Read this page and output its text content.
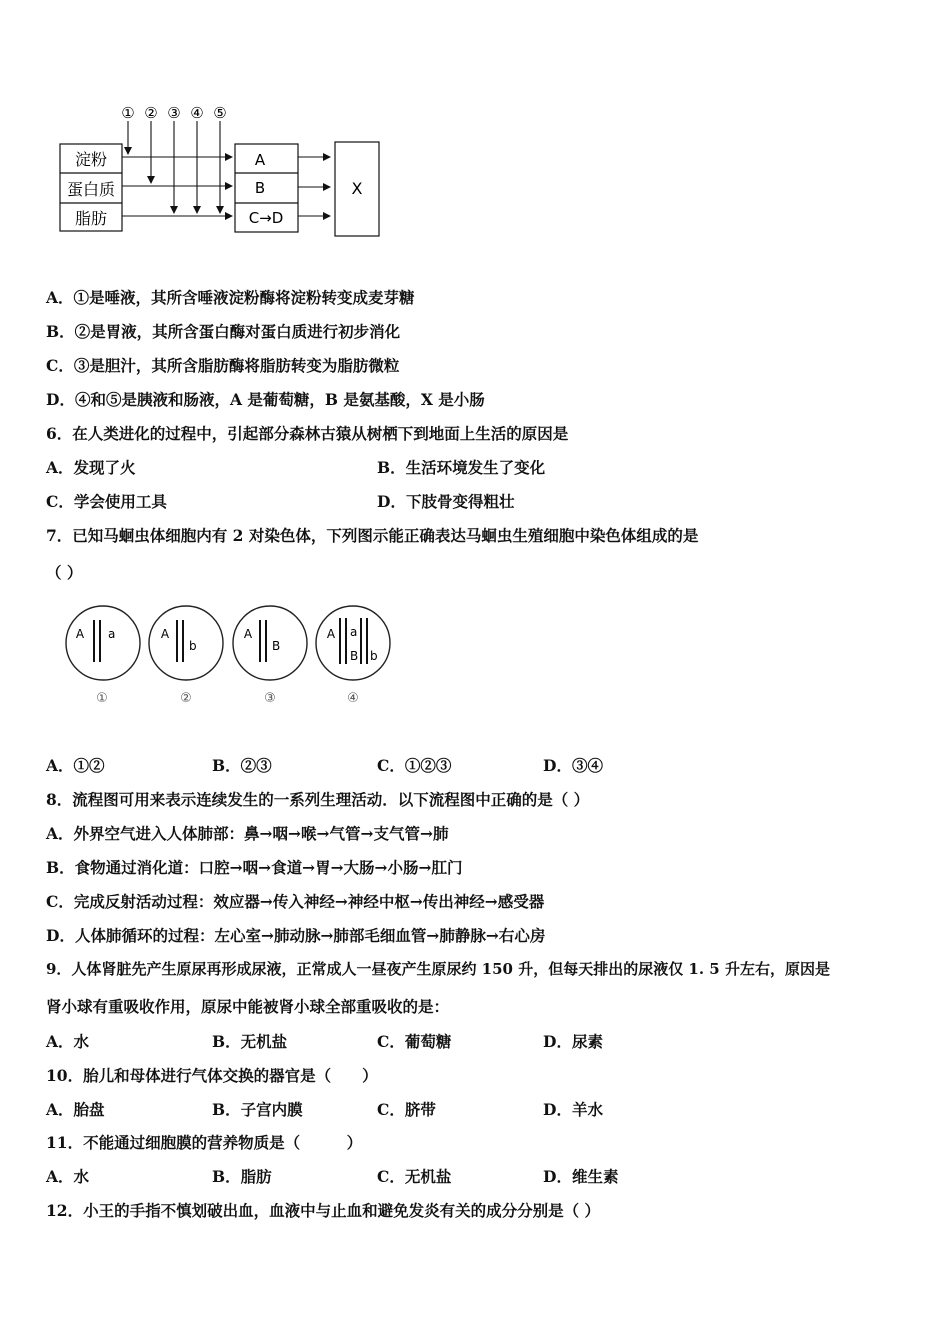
① ② ③ ④ ⑤
淀粉
蛋白质
脂肪
A
B
C→D
X
A．①是唾液，其所含唾液淀粉酶将淀粉转变成麦芽糖
B．②是胃液，其所含蛋白酶对蛋白质进行初步消化
C．③是胆汁，其所含脂肪酶将脂肪转变为脂肪微粒
D．④和⑤是胰液和肠液，A 是葡萄糖，B 是氨基酸，X 是小肠
6．在人类进化的过程中，引起部分森林古猿从树栖下到地面上生活的原因是
A．发现了火	B．生活环境发生了变化
C．学会使用工具	D．下肢骨变得粗壮
7．已知马蛔虫体细胞内有 2 对染色体，下列图示能正确表达马蛔虫生殖细胞中染色体组成的是
（ ）
A a
①
A
b
②
A
B
③
A a
B b
④
A．①②	B．②③	C．①②③	D．③④
8．流程图可用来表示连续发生的一系列生理活动．以下流程图中正确的是（ ）
A．外界空气进入人体肺部：鼻→咽→喉→气管→支气管→肺
B．食物通过消化道：口腔→咽→食道→胃→大肠→小肠→肛门
C．完成反射活动过程：效应器→传入神经→神经中枢→传出神经→感受器
D．人体肺循环的过程：左心室→肺动脉→肺部毛细血管→肺静脉→右心房
9．人体肾脏先产生原尿再形成尿液，正常成人一昼夜产生原尿约 150 升，但每天排出的尿液仅 1. 5 升左右，原因是
肾小球有重吸收作用，原尿中能被肾小球全部重吸收的是：
A．水	B．无机盐	C．葡萄糖	D．尿素
10．胎儿和母体进行气体交换的器官是（　　）
A．胎盘	B．子宫内膜	C．脐带	D．羊水
11．不能通过细胞膜的营养物质是（　　　）
A．水	B．脂肪	C．无机盐	D．维生素
12．小王的手指不慎划破出血，血液中与止血和避免发炎有关的成分分别是（ ）
